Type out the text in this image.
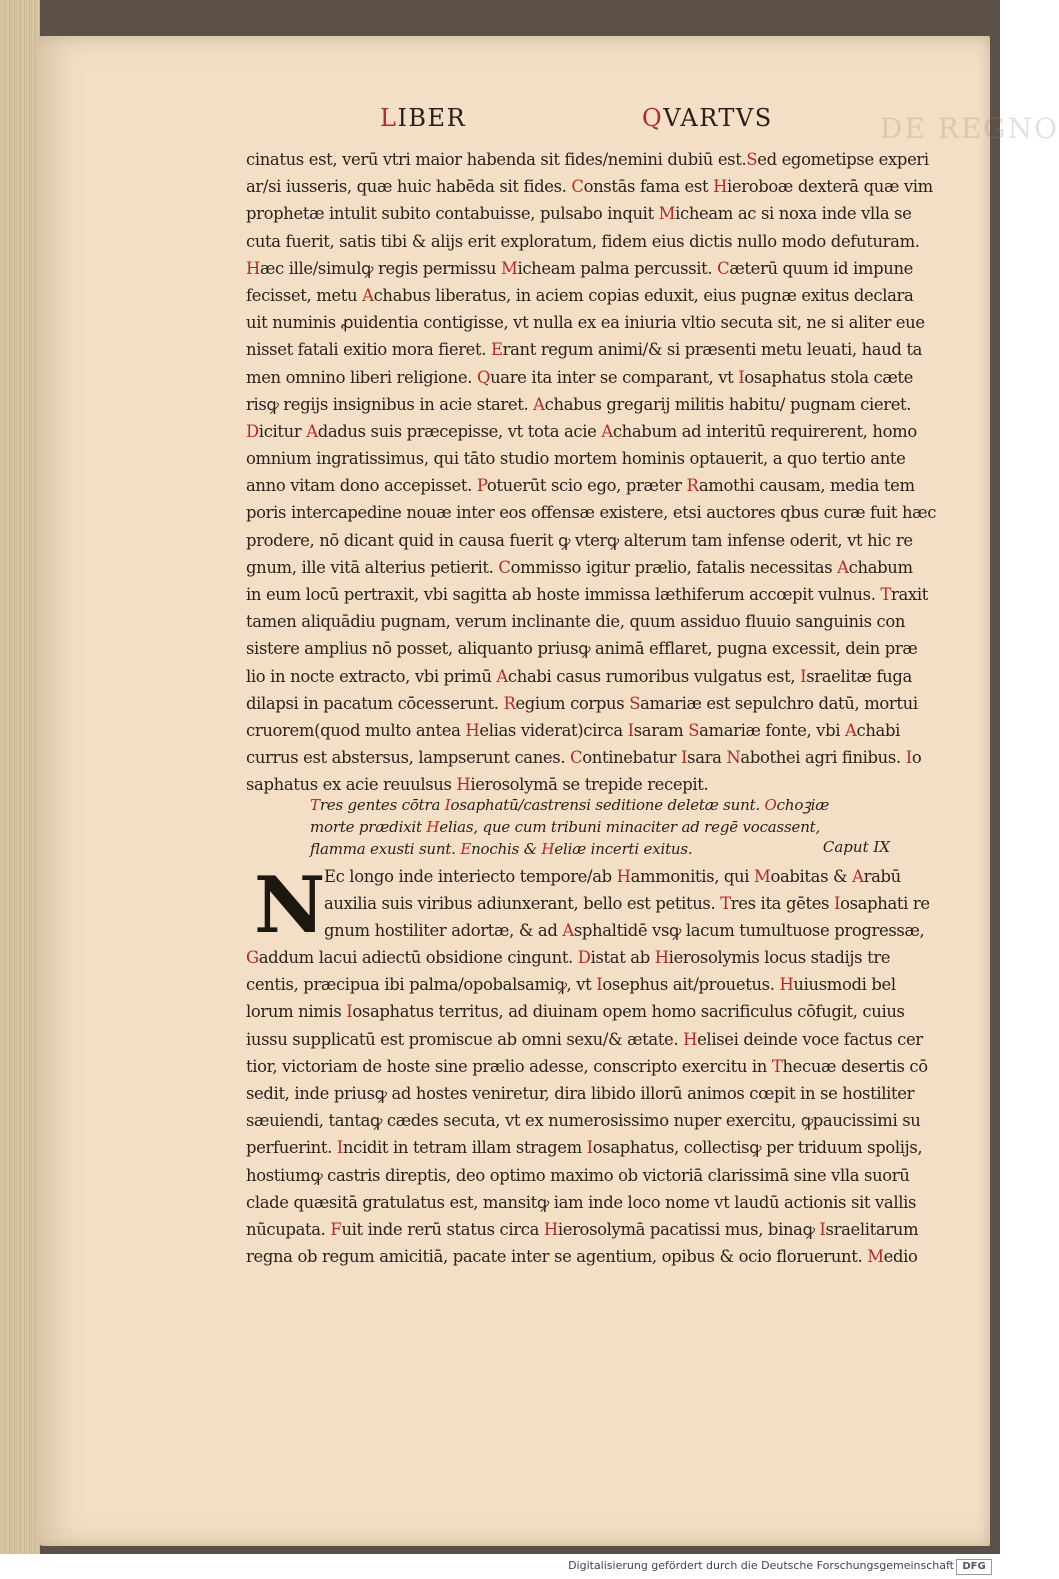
DE REGNO
LIBER	QVARTVS
cinatus est, verū vtri maior habenda sit fides/nemini dubiū est.Sed egometipse experi
ar/si iusseris, quæ huic habēda sit fides. Constās fama est Hieroboæ dexterā quæ vim
prophetæ intulit subito contabuisse, pulsabo inquit Micheam ac si noxa inde vlla se
cuta fuerit, satis tibi & alijs erit exploratum, fidem eius dictis nullo modo defuturam.
Hæc ille/simulꝙ regis permissu Micheam palma percussit. Cæterū quum id impune
fecisset, metu Achabus liberatus, in aciem copias eduxit, eius pugnæ exitus declara
uit numinis ꝓuidentia contigisse, vt nulla ex ea iniuria vltio secuta sit, ne si aliter eue
nisset fatali exitio mora fieret. Erant regum animi/& si præsenti metu leuati, haud ta
men omnino liberi religione. Quare ita inter se comparant, vt Iosaphatus stola cæte
risꝙ regijs insignibus in acie staret. Achabus gregarij militis habitu/ pugnam cieret.
Dicitur Adadus suis præcepisse, vt tota acie Achabum ad interitū requirerent, homo
omnium ingratissimus, qui tāto studio mortem hominis optauerit, a quo tertio ante
anno vitam dono accepisset. Potuerūt scio ego, præter Ramothi causam, media tem
poris intercapedine nouæ inter eos offensæ existere, etsi auctores qbus curæ fuit hæc
prodere, nō dicant quid in causa fuerit ꝙ vterꝙ alterum tam infense oderit, vt hic re
gnum, ille vitā alterius petierit. Commisso igitur prælio, fatalis necessitas Achabum
in eum locū pertraxit, vbi sagitta ab hoste immissa læthiferum accœpit vulnus. Traxit
tamen aliquādiu pugnam, verum inclinante die, quum assiduo fluuio sanguinis con
sistere amplius nō posset, aliquanto priusꝙ animā efflaret, pugna excessit, dein præ
lio in nocte extracto, vbi primū Achabi casus rumoribus vulgatus est, Israelitæ fuga
dilapsi in pacatum cōcesserunt. Regium corpus Samariæ est sepulchro datū, mortui
cruorem(quod multo antea Helias viderat)circa Isaram Samariæ fonte, vbi Achabi
currus est abstersus, lampserunt canes. Continebatur Isara Nabothei agri finibus. Io
saphatus ex acie reuulsus Hierosolymā se trepide recepit.
Tres gentes cōtra Iosaphatū/castrensi seditione deletæ sunt. Ochoꝫiæ
morte prædixit Helias, que cum tribuni minaciter ad regē vocassent,
flamma exusti sunt. Enochis & Heliæ incerti exitus.	Caput IX
N
Ec longo inde interiecto tempore/ab Hammonitis, qui Moabitas & Arabū
auxilia suis viribus adiunxerant, bello est petitus. Tres ita gētes Iosaphati re
gnum hostiliter adortæ, & ad Asphaltidē vsꝙ lacum tumultuose progressæ,
Gaddum lacui adiectū obsidione cingunt. Distat ab Hierosolymis locus stadijs tre
centis, præcipua ibi palma/opobalsamiꝙ, vt Iosephus ait/prouetus. Huiusmodi bel
lorum nimis Iosaphatus territus, ad diuinam opem homo sacrificulus cōfugit, cuius
iussu supplicatū est promiscue ab omni sexu/& ætate. Helisei deinde voce factus cer
tior, victoriam de hoste sine prælio adesse, conscripto exercitu in Thecuæ desertis cō
sedit, inde priusꝙ ad hostes veniretur, dira libido illorū animos cœpit in se hostiliter
sæuiendi, tantaꝙ cædes secuta, vt ex numerosissimo nuper exercitu, ꝙpaucissimi su
perfuerint. Incidit in tetram illam stragem Iosaphatus, collectisꝙ per triduum spolijs,
hostiumꝙ castris direptis, deo optimo maximo ob victoriā clarissimā sine vlla suorū
clade quæsitā gratulatus est, mansitꝙ iam inde loco nome vt laudū actionis sit vallis
nūcupata. Fuit inde rerū status circa Hierosolymā pacatissi mus, binaꝙ Israelitarum
regna ob regum amicitiā, pacate inter se agentium, opibus & ocio floruerunt. Medio
Digitalisierung gefördert durch die Deutsche Forschungsgemeinschaft DFG
